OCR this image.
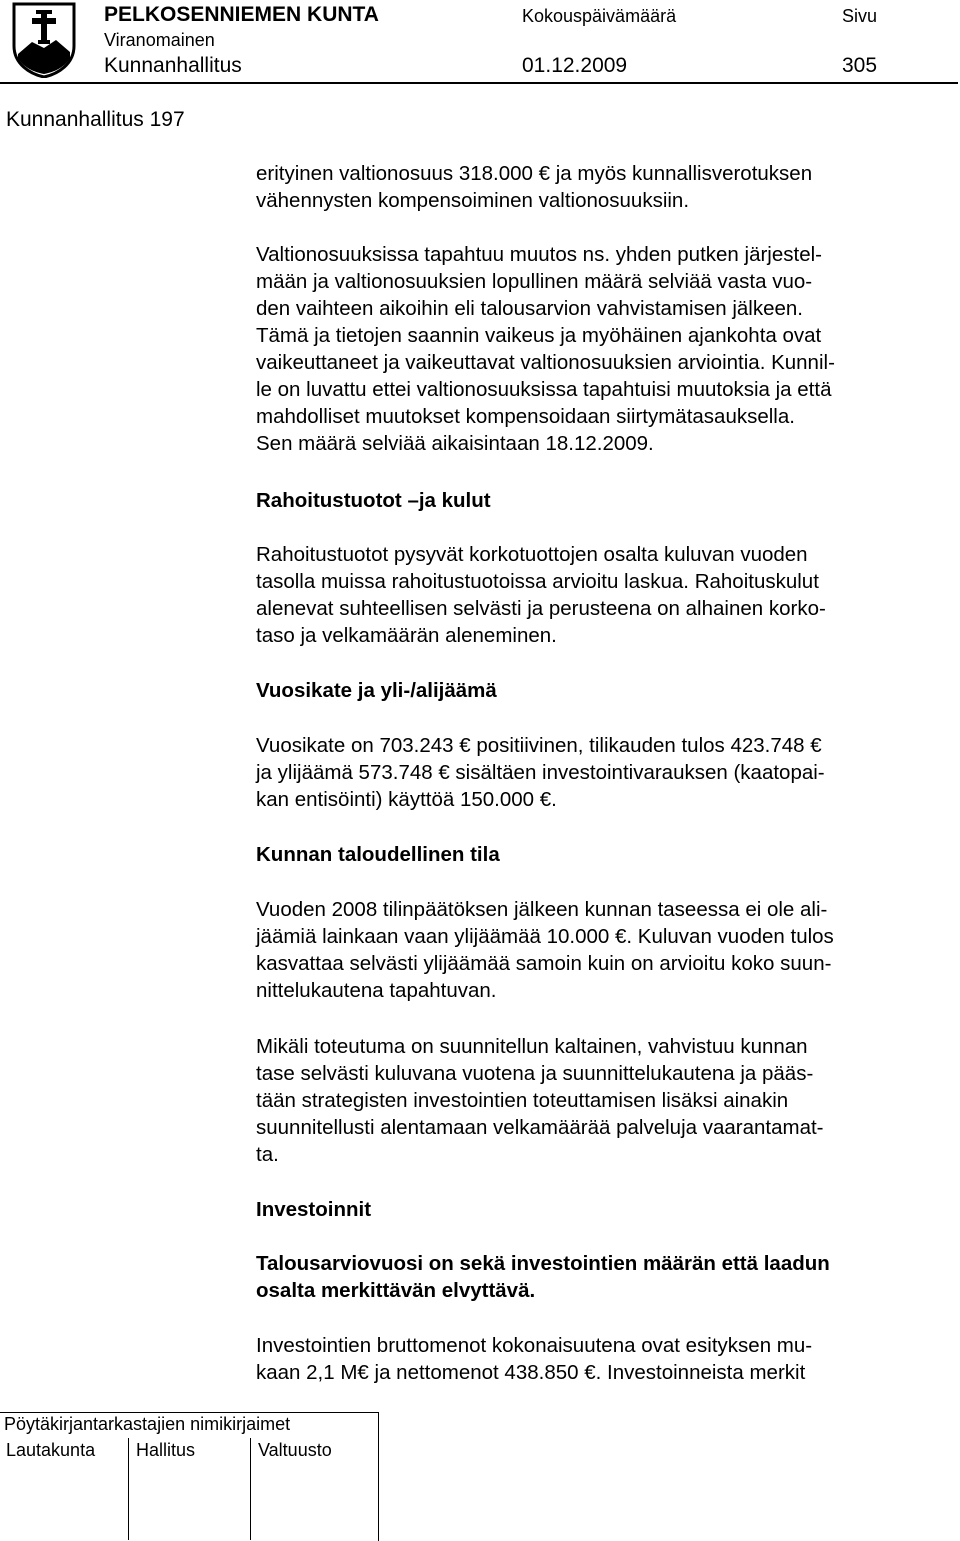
PELKOSENNIEMEN KUNTA
Viranomainen
Kunnanhallitus
Kokouspäivämäärä
01.12.2009
Sivu
305
Kunnanhallitus 197
erityinen valtionosuus 318.000 € ja myös kunnallisverotuksen
vähennysten kompensoiminen valtionosuuksiin.
Valtionosuuksissa tapahtuu muutos ns. yhden putken järjestel-
mään ja valtionosuuksien lopullinen määrä selviää vasta vuo-
den vaihteen aikoihin eli talousarvion vahvistamisen jälkeen.
Tämä ja tietojen saannin vaikeus ja myöhäinen ajankohta ovat
vaikeuttaneet ja vaikeuttavat valtionosuuksien arviointia. Kunnil-
le on luvattu ettei valtionosuuksissa tapahtuisi muutoksia ja että
mahdolliset muutokset kompensoidaan siirtymätasauksella.
Sen määrä selviää aikaisintaan 18.12.2009.
Rahoitustuotot –ja kulut
Rahoitustuotot pysyvät korkotuottojen osalta kuluvan vuoden
tasolla muissa rahoitustuotoissa arvioitu laskua. Rahoituskulut
alenevat suhteellisen selvästi ja perusteena on alhainen korko-
taso ja velkamäärän aleneminen.
Vuosikate ja yli-/alijäämä
Vuosikate on 703.243 € positiivinen, tilikauden tulos 423.748 €
ja ylijäämä 573.748 € sisältäen investointivarauksen (kaatopai-
kan entisöinti) käyttöä 150.000 €.
Kunnan taloudellinen tila
Vuoden 2008 tilinpäätöksen jälkeen kunnan taseessa ei ole ali-
jäämiä lainkaan vaan ylijäämää 10.000 €. Kuluvan vuoden tulos
kasvattaa selvästi ylijäämää samoin kuin on arvioitu koko suun-
nittelukautena tapahtuvan.
Mikäli toteutuma on suunnitellun kaltainen, vahvistuu kunnan
tase selvästi kuluvana vuotena ja suunnittelukautena ja pääs-
tään strategisten investointien toteuttamisen lisäksi ainakin
suunnitellusti alentamaan velkamäärää palveluja vaarantamat-
ta.
Investoinnit
Talousarviovuosi on sekä investointien määrän että laadun
osalta merkittävän elvyttävä.
Investointien bruttomenot kokonaisuutena ovat esityksen mu-
kaan 2,1 M€ ja nettomenot 438.850 €. Investoinneista merkit
Pöytäkirjantarkastajien nimikirjaimet
Lautakunta Hallitus	Valtuusto
